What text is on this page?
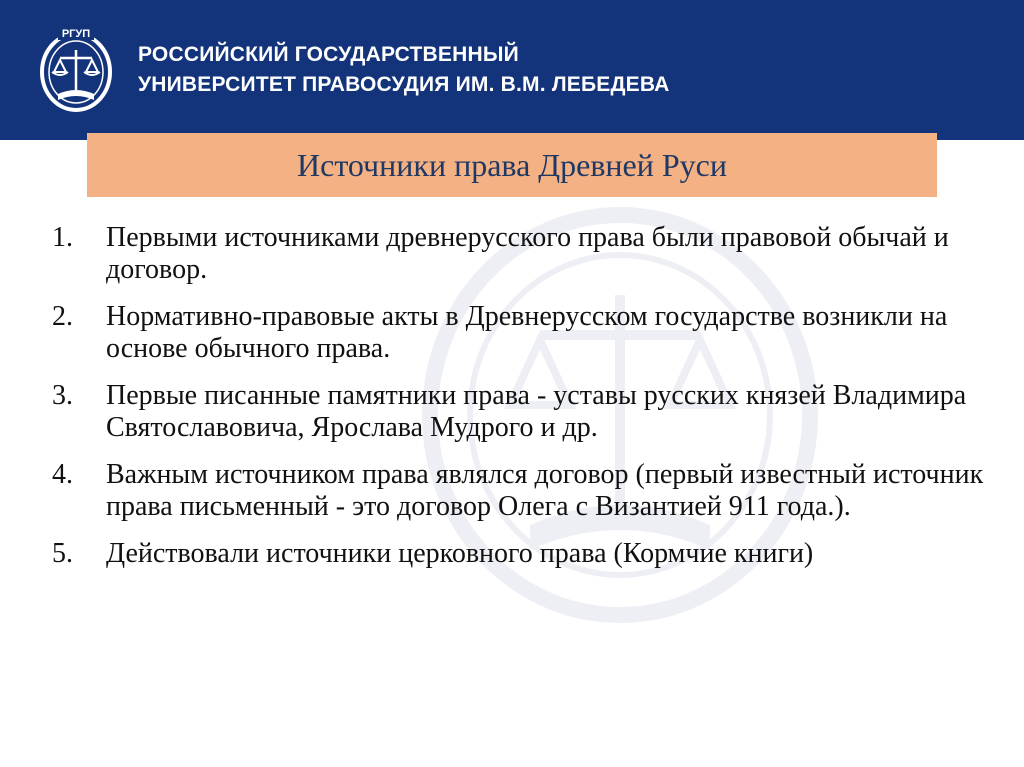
РГУП
РОССИЙСКИЙ ГОСУДАРСТВЕННЫЙ
УНИВЕРСИТЕТ ПРАВОСУДИЯ ИМ. В.М. ЛЕБЕДЕВА
Источники права Древней Руси
1.	Первыми источниками древнерусского права были правовой обычай и договор.
2.	Нормативно-правовые акты в Древнерусском государстве возникли на основе обычного права.
3.	Первые писанные памятники права - уставы русских князей Владимира Святославовича, Ярослава Мудрого и др.
4.	Важным источником права являлся договор (первый известный источник права письменный - это договор Олега с Византией 911 года.).
5.	Действовали источники церковного права (Кормчие книги)
